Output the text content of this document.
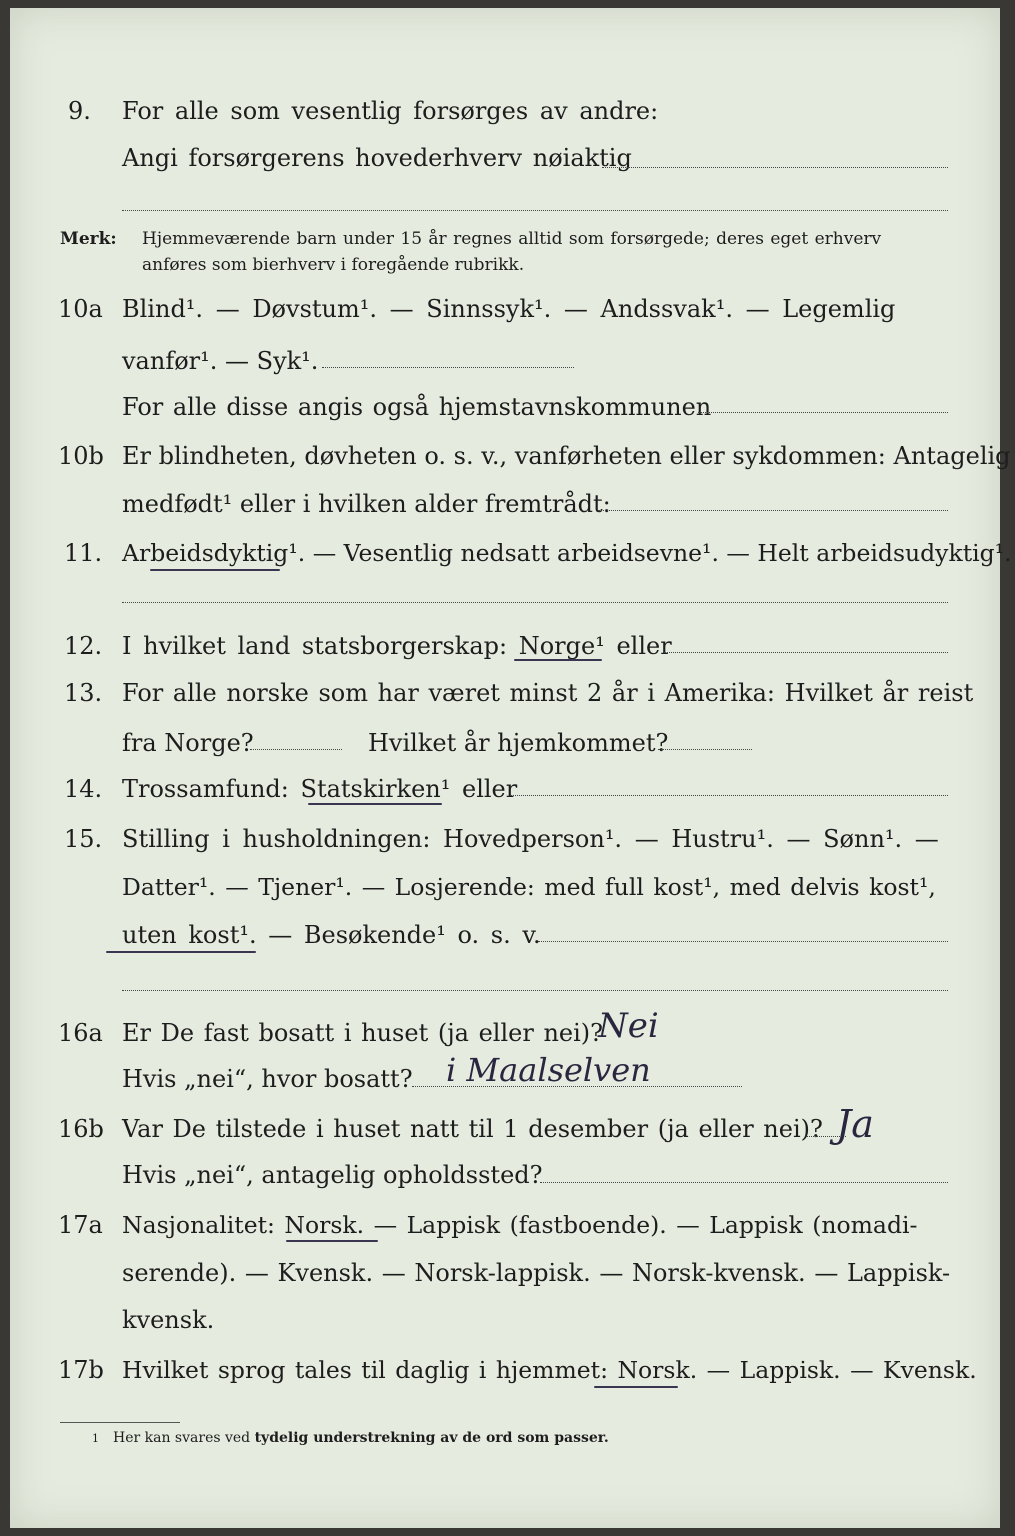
9. For alle som vesentlig forsørges av andre:
Angi forsørgerens hovederhverv nøiaktig
Merk: Hjemmeværende barn under 15 år regnes alltid som forsørgede; deres eget erhverv
anføres som bierhverv i foregående rubrikk.
10a Blind¹. — Døvstum¹. — Sinnssyk¹. — Andssvak¹. — Legemlig
vanfør¹. — Syk¹.
For alle disse angis også hjemstavnskommunen
10b Er blindheten, døvheten o. s. v., vanførheten eller sykdommen: Antagelig
medfødt¹ eller i hvilken alder fremtrådt:
11. Arbeidsdyktig¹. — Vesentlig nedsatt arbeidsevne¹. — Helt arbeidsudyktig¹.
12. I hvilket land statsborgerskap: Norge¹ eller
13. For alle norske som har været minst 2 år i Amerika: Hvilket år reist
fra Norge?	Hvilket år hjemkommet?
14. Trossamfund: Statskirken¹ eller
15. Stilling i husholdningen: Hovedperson¹. — Hustru¹. — Sønn¹. —
Datter¹. — Tjener¹. — Losjerende: med full kost¹, med delvis kost¹,
uten kost¹. — Besøkende¹ o. s. v.
16a Er De fast bosatt i huset (ja eller nei)?
Nei
Hvis „nei“, hvor bosatt? i Maalselven
16b Var De tilstede i huset natt til 1 desember (ja eller nei)? Ja
Hvis „nei“, antagelig opholdssted?
17a Nasjonalitet: Norsk. — Lappisk (fastboende). — Lappisk (nomadi-
serende). — Kvensk. — Norsk-lappisk. — Norsk-kvensk. — Lappisk-
kvensk.
17b Hvilket sprog tales til daglig i hjemmet: Norsk. — Lappisk. — Kvensk.
1 Her kan svares ved tydelig understrekning av de ord som passer.
